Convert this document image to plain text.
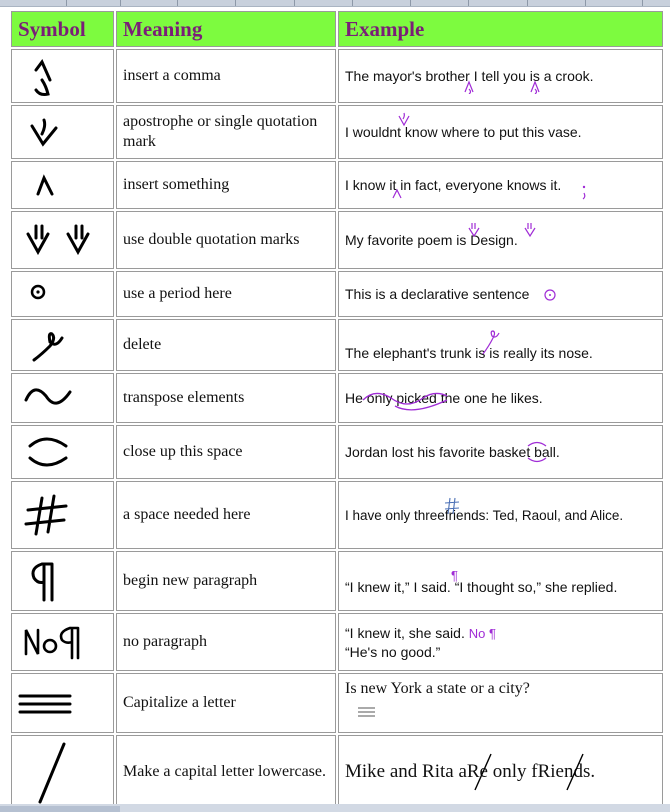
Symbol	Meaning	Example

	insert a comma	The mayor's brother I tell you is a crook.

	apostrophe or single quotation mark	I wouldnt know where to put this vase.

	insert something	I know it in fact, everyone knows it.

	use double quotation marks	My favorite poem is Design.

	use a period here	This is a declarative sentence

	delete	The elephant's trunk is is really its nose.

	transpose elements	He only picked the one he likes.

	close up this space	Jordan lost his favorite basket ball.

	a space needed here	I have only threefriends: Ted, Raoul, and Alice.

	begin new paragraph	“I knew it,” I said. “I thought so,” she replied.
¶

	no paragraph	“I knew it, she said. No ¶
“He's no good.”

	Capitalize a letter	Is new York a state or a city?

	Make a capital letter lowercase.	Mike and Rita aRe only fRiends.
